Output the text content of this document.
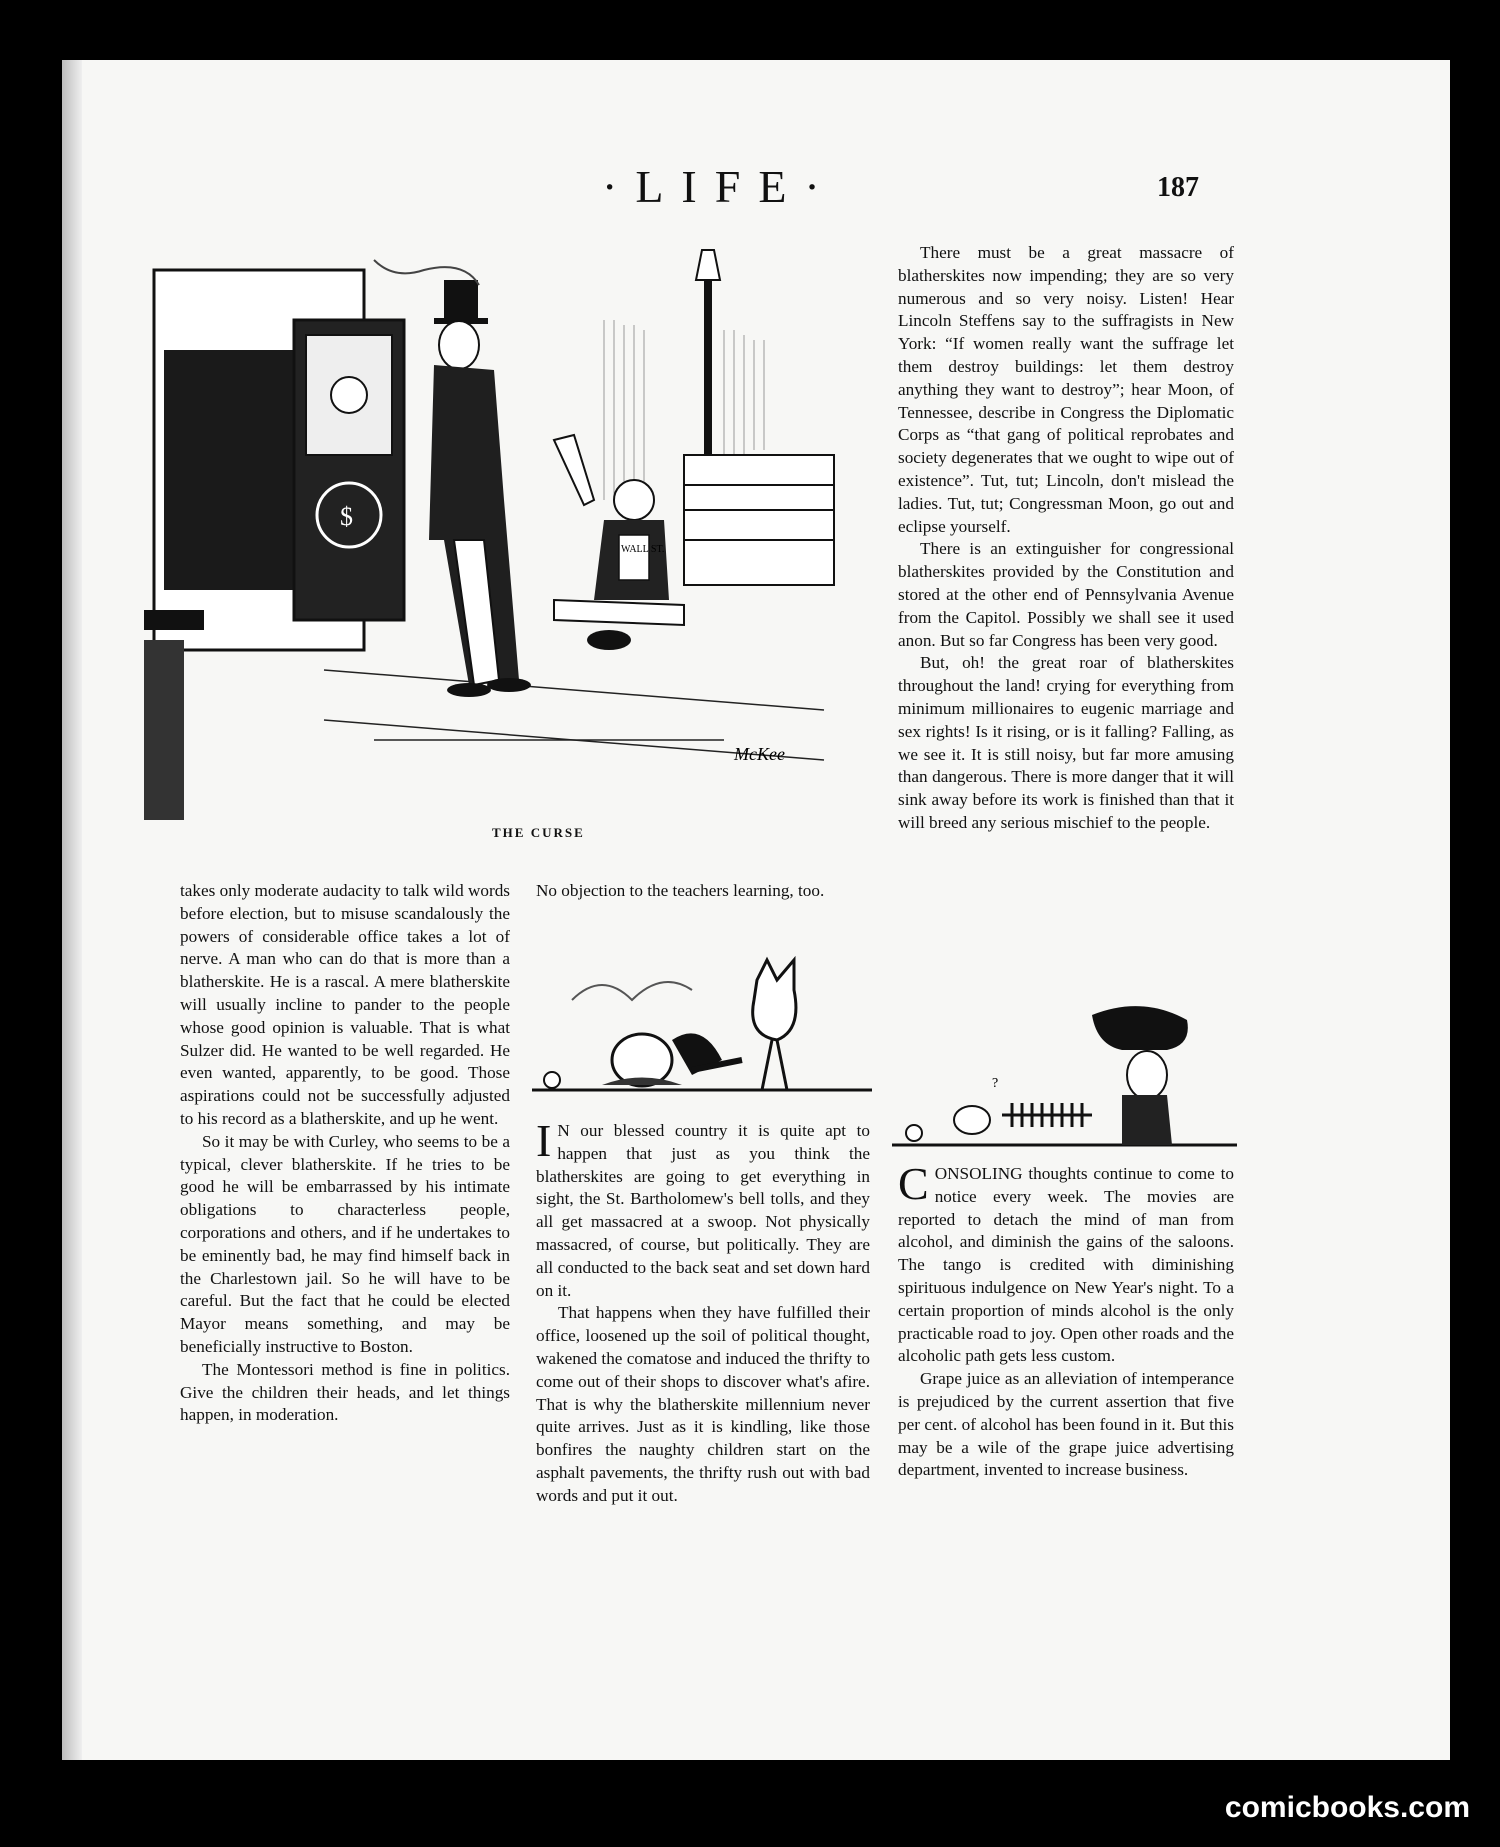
·LIFE·	187
$
WALL ST.
McKee
THE CURSE

takes only moderate audacity to talk wild words before election, but to misuse scandalously the powers of considerable office takes a lot of nerve. A man who can do that is more than a blatherskite. He is a rascal. A mere blatherskite will usually incline to pander to the people whose good opinion is valuable. That is what Sulzer did. He wanted to be well regarded. He even wanted, apparently, to be good. Those aspirations could not be successfully adjusted to his record as a blatherskite, and up he went.

So it may be with Curley, who seems to be a typical, clever blatherskite. If he tries to be good he will be embarrassed by his intimate obligations to characterless people, corporations and others, and if he undertakes to be eminently bad, he may find himself back in the Charlestown jail. So he will have to be careful. But the fact that he could be elected Mayor means something, and may be beneficially instructive to Boston.

The Montessori method is fine in politics. Give the children their heads, and let things happen, in moderation.

No objection to the teachers learning, too.

I N our blessed country it is quite apt to happen that just as you think the blatherskites are going to get everything in sight, the St. Bartholomew's bell tolls, and they all get massacred at a swoop. Not physically massacred, of course, but politically. They are all conducted to the back seat and set down hard on it.

That happens when they have fulfilled their office, loosened up the soil of political thought, wakened the comatose and induced the thrifty to come out of their shops to discover what's afire. That is why the blatherskite millennium never quite arrives. Just as it is kindling, like those bonfires the naughty children start on the asphalt pavements, the thrifty rush out with bad words and put it out.

There must be a great massacre of blatherskites now impending; they are so very numerous and so very noisy. Listen! Hear Lincoln Steffens say to the suffragists in New York: “If women really want the suffrage let them destroy buildings: let them destroy anything they want to destroy”; hear Moon, of Tennessee, describe in Congress the Diplomatic Corps as “that gang of political reprobates and society degenerates that we ought to wipe out of existence”. Tut, tut; Lincoln, don't mislead the ladies. Tut, tut; Congressman Moon, go out and eclipse yourself.

There is an extinguisher for congressional blatherskites provided by the Constitution and stored at the other end of Pennsylvania Avenue from the Capitol. Possibly we shall see it used anon. But so far Congress has been very good.

But, oh! the great roar of blatherskites throughout the land! crying for everything from minimum millionaires to eugenic marriage and sex rights! Is it rising, or is it falling? Falling, as we see it. It is still noisy, but far more amusing than dangerous. There is more danger that it will sink away before its work is finished than that it will breed any serious mischief to the people.

?

CONSOLING thoughts continue to come to notice every week. The movies are reported to detach the mind of man from alcohol, and diminish the gains of the saloons. The tango is credited with diminishing spirituous indulgence on New Year's night. To a certain proportion of minds alcohol is the only practicable road to joy. Open other roads and the alcoholic path gets less custom.

Grape juice as an alleviation of intemperance is prejudiced by the current assertion that five per cent. of alcohol has been found in it. But this may be a wile of the grape juice advertising department, invented to increase business.

comicbooks.com
